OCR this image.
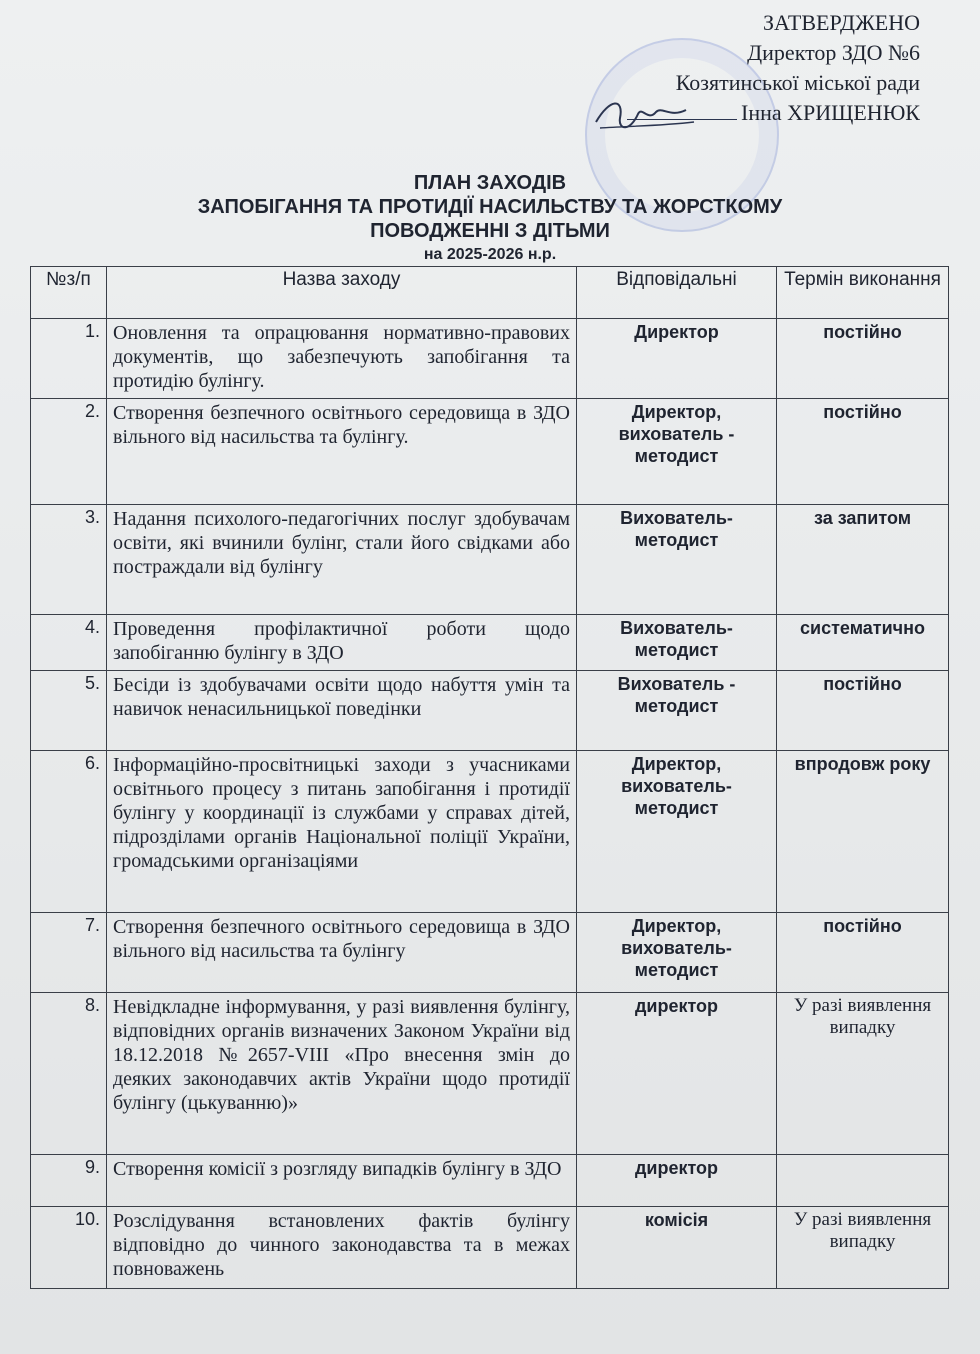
ЗАТВЕРДЖЕНО
Директор ЗДО №6
Козятинської міської ради
Інна ХРИЩЕНЮК
ПЛАН ЗАХОДІВ
ЗАПОБІГАННЯ ТА ПРОТИДІЇ НАСИЛЬСТВУ ТА ЖОРСТКОМУ
ПОВОДЖЕННІ З ДІТЬМИ
на 2025-2026 н.р.
№з/п	Назва заходу	Відповідальні	Термін виконання
1.	Оновлення та опрацювання нормативно-правових документів, що забезпечують запобігання та протидію булінгу.	Директор	постійно
2.	Створення безпечного освітнього середовища в ЗДО вільного від насильства та булінгу.	Директор, вихователь - методист	постійно
3.	Надання психолого-педагогічних послуг здобувачам освіти, які вчинили булінг, стали його свідками або постраждали від булінгу	Вихователь-методист	за запитом
4.	Проведення профілактичної роботи щодо запобіганню булінгу в ЗДО	Вихователь-методист	систематично
5.	Бесіди із здобувачами освіти щодо набуття умін та навичок ненасильницької поведінки	Вихователь - методист	постійно
6.	Інформаційно-просвітницькі заходи з учасниками освітнього процесу з питань запобігання і протидії булінгу у координації із службами у справах дітей, підрозділами органів Національної поліції України, громадськими організаціями	Директор, вихователь-методист	впродовж року
7.	Створення безпечного освітнього середовища в ЗДО вільного від насильства та булінгу	Директор, вихователь-методист	постійно
8.	Невідкладне інформування, у разі виявлення булінгу, відповідних органів визначених Законом України від 18.12.2018 №2657-VIII «Про внесення змін до деяких законодавчих актів України щодо протидії булінгу (цькуванню)»	директор	У разі виявлення випадку
9.	Створення комісії з розгляду випадків булінгу в ЗДО	директор	
10.	Розслідування встановлених фактів булінгу відповідно до чинного законодавства та в межах повноважень	комісія	У разі виявлення випадку
